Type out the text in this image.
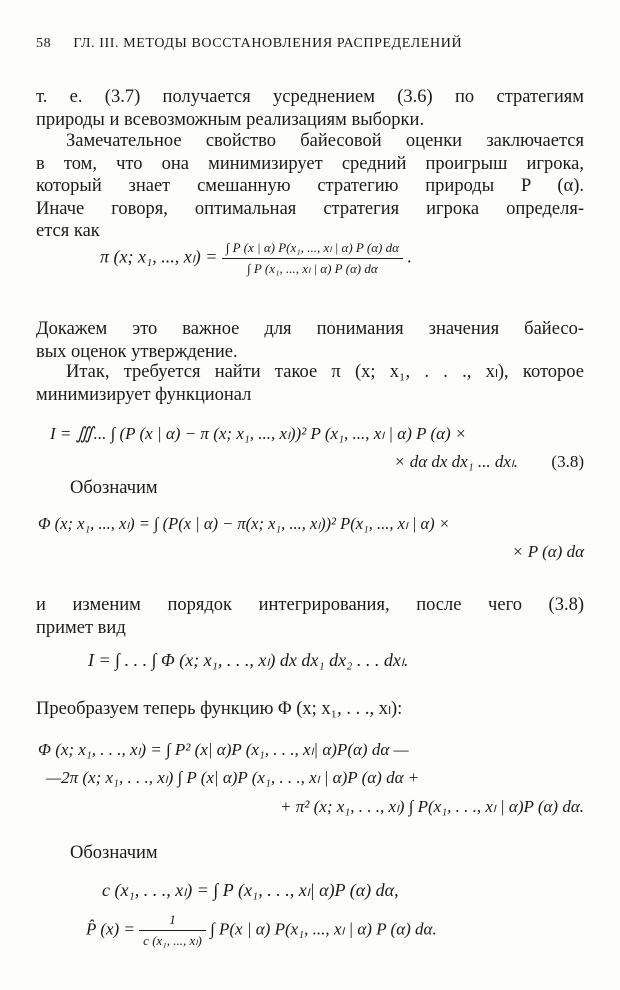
58 ГЛ. III. МЕТОДЫ ВОССТАНОВЛЕНИЯ РАСПРЕДЕЛЕНИЙ
т. е. (3.7) получается усреднением (3.6) по стратегиям
природы и всевозможным реализациям выборки.
Замечательное свойство байесовой оценки заключается
в том, что она минимизирует средний проигрыш игрока,
который знает смешанную стратегию природы P (α).
Иначе говоря, оптимальная стратегия игрока определя-
ется как
π (x; x₁, ..., $x_l) = \frac{\text{∫ P (x | α) P(x₁, ..., xₗ | α) P (α) dα}}{\text{∫ P (x₁, ..., xₗ | α) P (α) dα}}$ .
Докажем это важное для понимания значения байесо-
вых оценок утверждение.
Итак, требуется найти такое π (x; x₁, . . ., xₗ), которое
минимизирует функционал
I = ∭... ∫ (P (x | α) − π (x; x₁, ..., xₗ))² P (x₁, ..., xₗ | α) P (α) ×
× dα dx dx₁ ... dxₗ. (3.8)
Обозначим
Φ (x; x₁, ..., xₗ) = ∫ (P(x | α) − π(x; x₁, ..., xₗ))² P(x₁, ..., xₗ | α) ×
× P (α) dα
и изменим порядок интегрирования, после чего (3.8)
примет вид
I = ∫ . . . ∫ Φ (x; x₁, . . ., xₗ) dx dx₁ dx₂ . . . dxₗ.
Преобразуем теперь функцию Φ (x; x₁, . . ., xₗ):
Φ (x; x₁, . . ., xₗ) = ∫ P² (x| α)P (x₁, . . ., xₗ| α)P(α) dα —
—2π (x; x₁, . . ., xₗ) ∫ P (x| α)P (x₁, . . ., xₗ | α)P (α) dα +
+ π² (x; x₁, . . ., xₗ) ∫ P(x₁, . . ., xₗ | α)P (α) dα.
Обозначим
c (x₁, . . ., xₗ) = ∫ P (x₁, . . ., xₗ| α)P (α) dα,
P̂ $(x) = \frac{1}{\text{c (x₁, ..., xₗ)}}$ ∫ P(x | α) P(x₁, ..., xₗ | α) P (α) dα.
